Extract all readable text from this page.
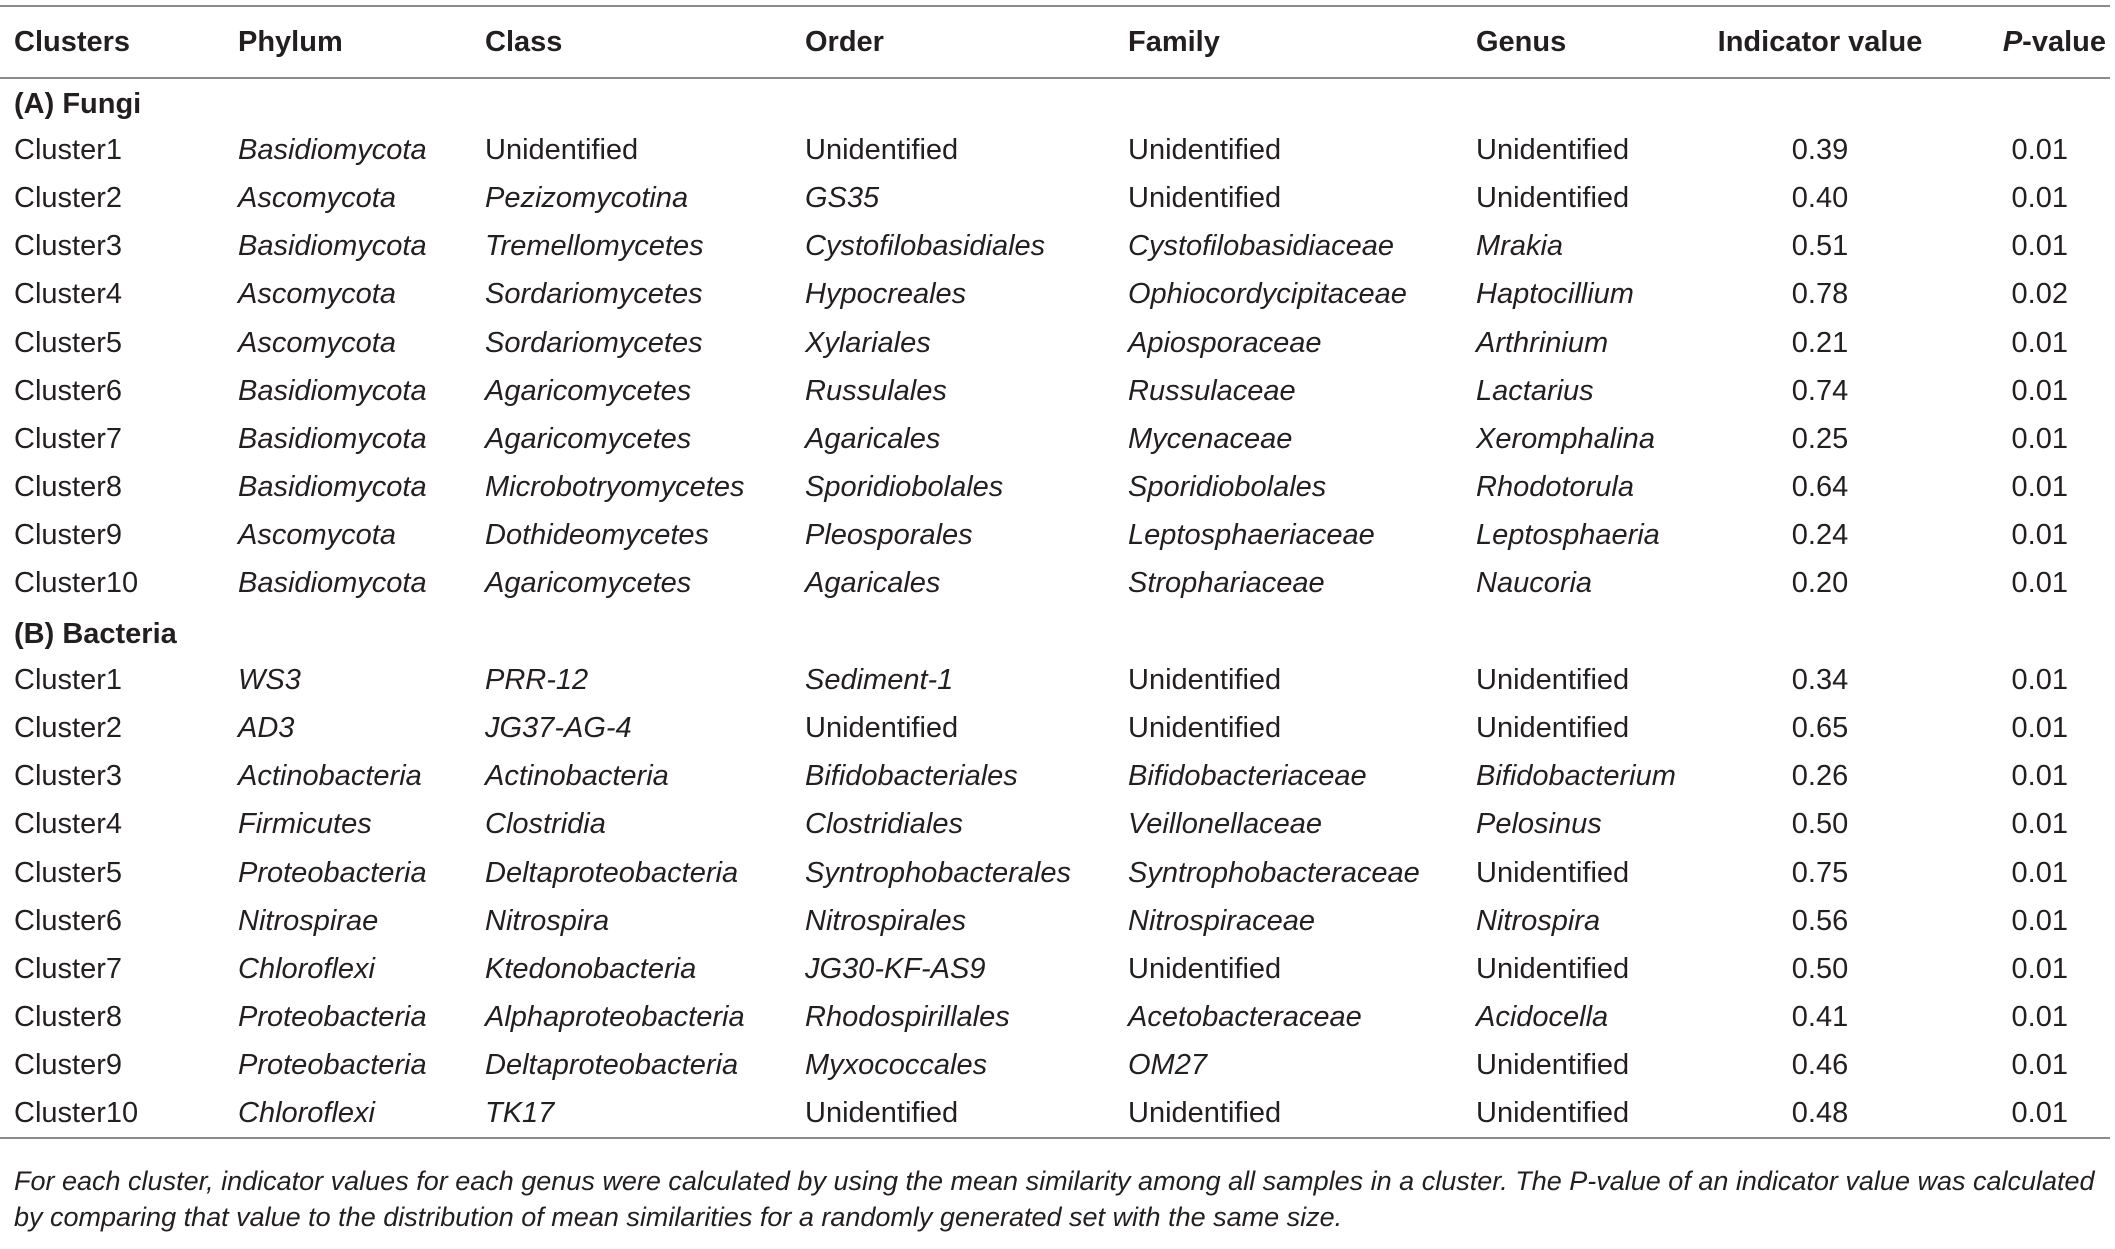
Clusters	Phylum	Class	Order	Family	Genus	Indicator value	P-value
(A) Fungi							
Cluster1	Basidiomycota	Unidentified	Unidentified	Unidentified	Unidentified	0.39	0.01
Cluster2	Ascomycota	Pezizomycotina	GS35	Unidentified	Unidentified	0.40	0.01
Cluster3	Basidiomycota	Tremellomycetes	Cystofilobasidiales	Cystofilobasidiaceae	Mrakia	0.51	0.01
Cluster4	Ascomycota	Sordariomycetes	Hypocreales	Ophiocordycipitaceae	Haptocillium	0.78	0.02
Cluster5	Ascomycota	Sordariomycetes	Xylariales	Apiosporaceae	Arthrinium	0.21	0.01
Cluster6	Basidiomycota	Agaricomycetes	Russulales	Russulaceae	Lactarius	0.74	0.01
Cluster7	Basidiomycota	Agaricomycetes	Agaricales	Mycenaceae	Xeromphalina	0.25	0.01
Cluster8	Basidiomycota	Microbotryomycetes	Sporidiobolales	Sporidiobolales	Rhodotorula	0.64	0.01
Cluster9	Ascomycota	Dothideomycetes	Pleosporales	Leptosphaeriaceae	Leptosphaeria	0.24	0.01
Cluster10	Basidiomycota	Agaricomycetes	Agaricales	Strophariaceae	Naucoria	0.20	0.01
(B) Bacteria							
Cluster1	WS3	PRR-12	Sediment-1	Unidentified	Unidentified	0.34	0.01
Cluster2	AD3	JG37-AG-4	Unidentified	Unidentified	Unidentified	0.65	0.01
Cluster3	Actinobacteria	Actinobacteria	Bifidobacteriales	Bifidobacteriaceae	Bifidobacterium	0.26	0.01
Cluster4	Firmicutes	Clostridia	Clostridiales	Veillonellaceae	Pelosinus	0.50	0.01
Cluster5	Proteobacteria	Deltaproteobacteria	Syntrophobacterales	Syntrophobacteraceae	Unidentified	0.75	0.01
Cluster6	Nitrospirae	Nitrospira	Nitrospirales	Nitrospiraceae	Nitrospira	0.56	0.01
Cluster7	Chloroflexi	Ktedonobacteria	JG30-KF-AS9	Unidentified	Unidentified	0.50	0.01
Cluster8	Proteobacteria	Alphaproteobacteria	Rhodospirillales	Acetobacteraceae	Acidocella	0.41	0.01
Cluster9	Proteobacteria	Deltaproteobacteria	Myxococcales	OM27	Unidentified	0.46	0.01
Cluster10	Chloroflexi	TK17	Unidentified	Unidentified	Unidentified	0.48	0.01
For each cluster, indicator values for each genus were calculated by using the mean similarity among all samples in a cluster. The P-value of an indicator value was calculated by comparing that value to the distribution of mean similarities for a randomly generated set with the same size.
